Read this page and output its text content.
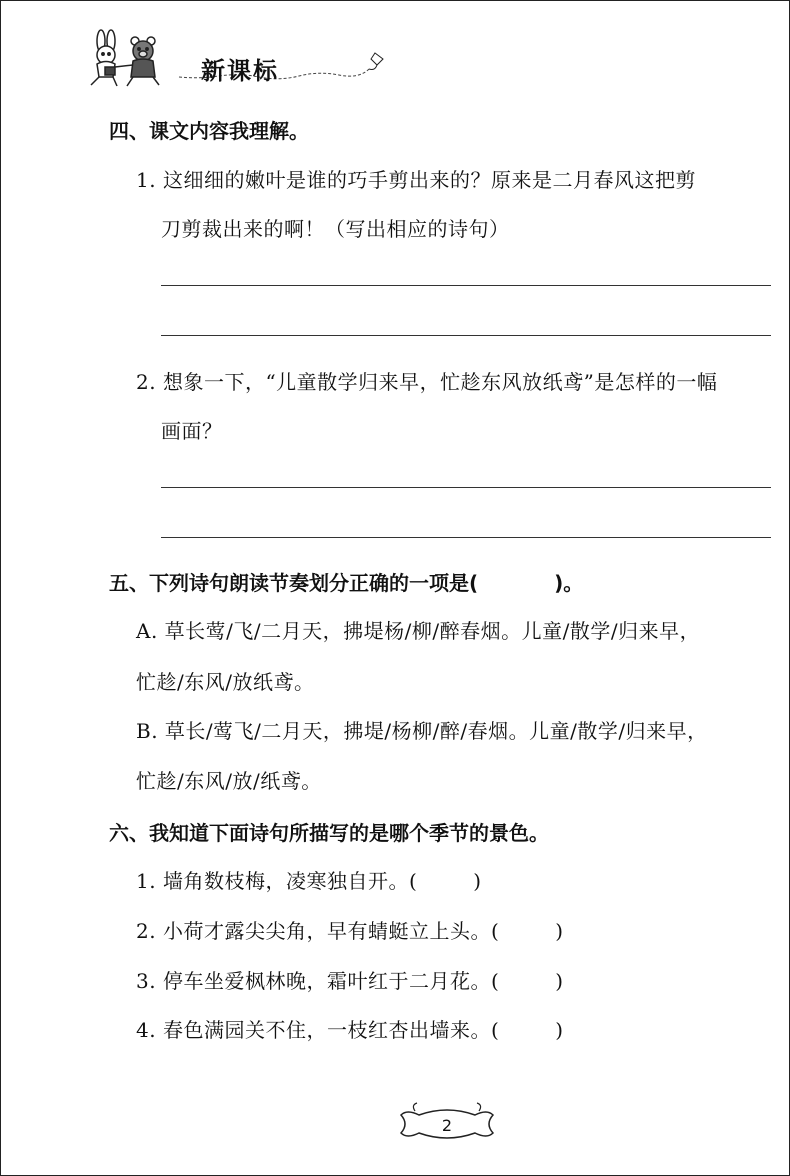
新课标
四、课文内容我理解。
1. 这细细的嫩叶是谁的巧手剪出来的？原来是二月春风这把剪
刀剪裁出来的啊！（写出相应的诗句）
2. 想象一下，“儿童散学归来早，忙趁东风放纸鸢”是怎样的一幅
画面？
五、下列诗句朗读节奏划分正确的一项是(	)。
A. 草长莺/飞/二月天，拂堤杨/柳/醉春烟。儿童/散学/归来早，
忙趁/东风/放纸鸢。
B. 草长/莺飞/二月天，拂堤/杨柳/醉/春烟。儿童/散学/归来早，
忙趁/东风/放/纸鸢。
六、我知道下面诗句所描写的是哪个季节的景色。
1. 墙角数枝梅，凌寒独自开。(	)
2. 小荷才露尖尖角，早有蜻蜓立上头。(	)
3. 停车坐爱枫林晚，霜叶红于二月花。(	)
4. 春色满园关不住，一枝红杏出墙来。(	)
2
